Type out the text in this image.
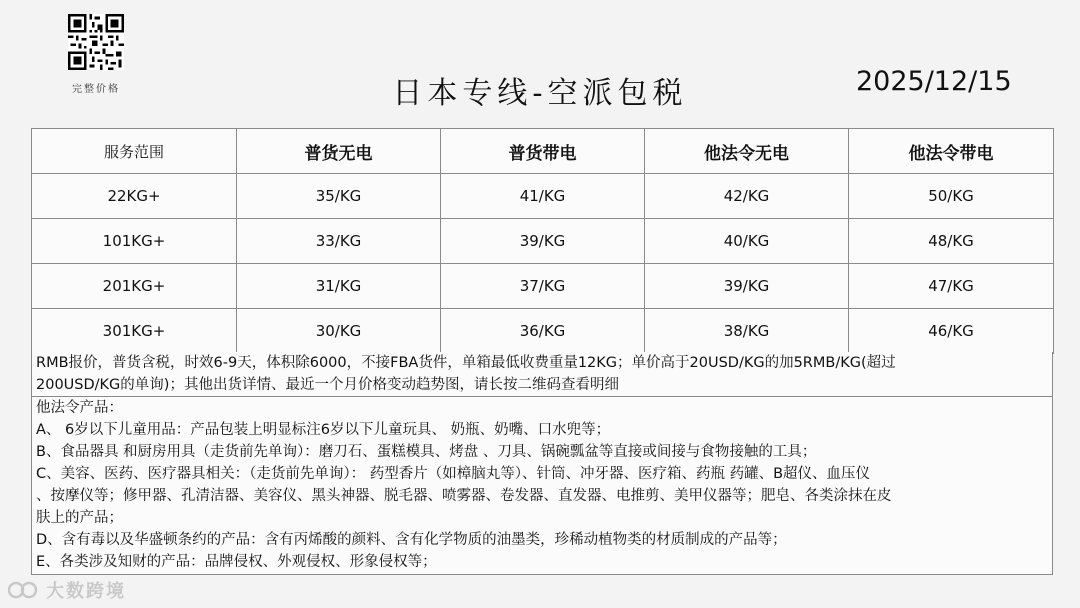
完整价格	日本专线-空派包税	2025/12/15
服务范围	普货无电	普货带电	他法令无电	他法令带电
22KG+	35/KG	41/KG	42/KG	50/KG
101KG+	33/KG	39/KG	40/KG	48/KG
201KG+	31/KG	37/KG	39/KG	47/KG
301KG+	30/KG	36/KG	38/KG	46/KG

RMB报价，普货含税，时效6-9天，体积除6000，不接FBA货件，单箱最低收费重量12KG；单价高于20USD/KG的加5RMB/KG(超过

200USD/KG的单询)；其他出货详情、最近一个月价格变动趋势图，请长按二维码查看明细

他法令产品：

A、 6岁以下儿童用品：产品包装上明显标注6岁以下儿童玩具、 奶瓶、奶嘴、口水兜等；

B、食品器具 和厨房用具（走货前先单询）：磨刀石、蛋糕模具、烤盘 、刀具、锅碗瓢盆等直接或间接与食物接触的工具；

C、美容、医药、医疗器具相关：（走货前先单询）： 药型香片（如樟脑丸等）、针筒、冲牙器、医疗箱、药瓶 药罐、B超仪、血压仪

、按摩仪等；修甲器、孔清洁器、美容仪、黑头神器、脱毛器、喷雾器、卷发器、直发器、电推剪、美甲仪器等；肥皂、各类涂抹在皮

肤上的产品；

D、含有毒以及华盛顿条约的产品：含有丙烯酸的颜料、含有化学物质的油墨类，珍稀动植物类的材质制成的产品等；

E、各类涉及知财的产品：品牌侵权、外观侵权、形象侵权等；

大数跨境
